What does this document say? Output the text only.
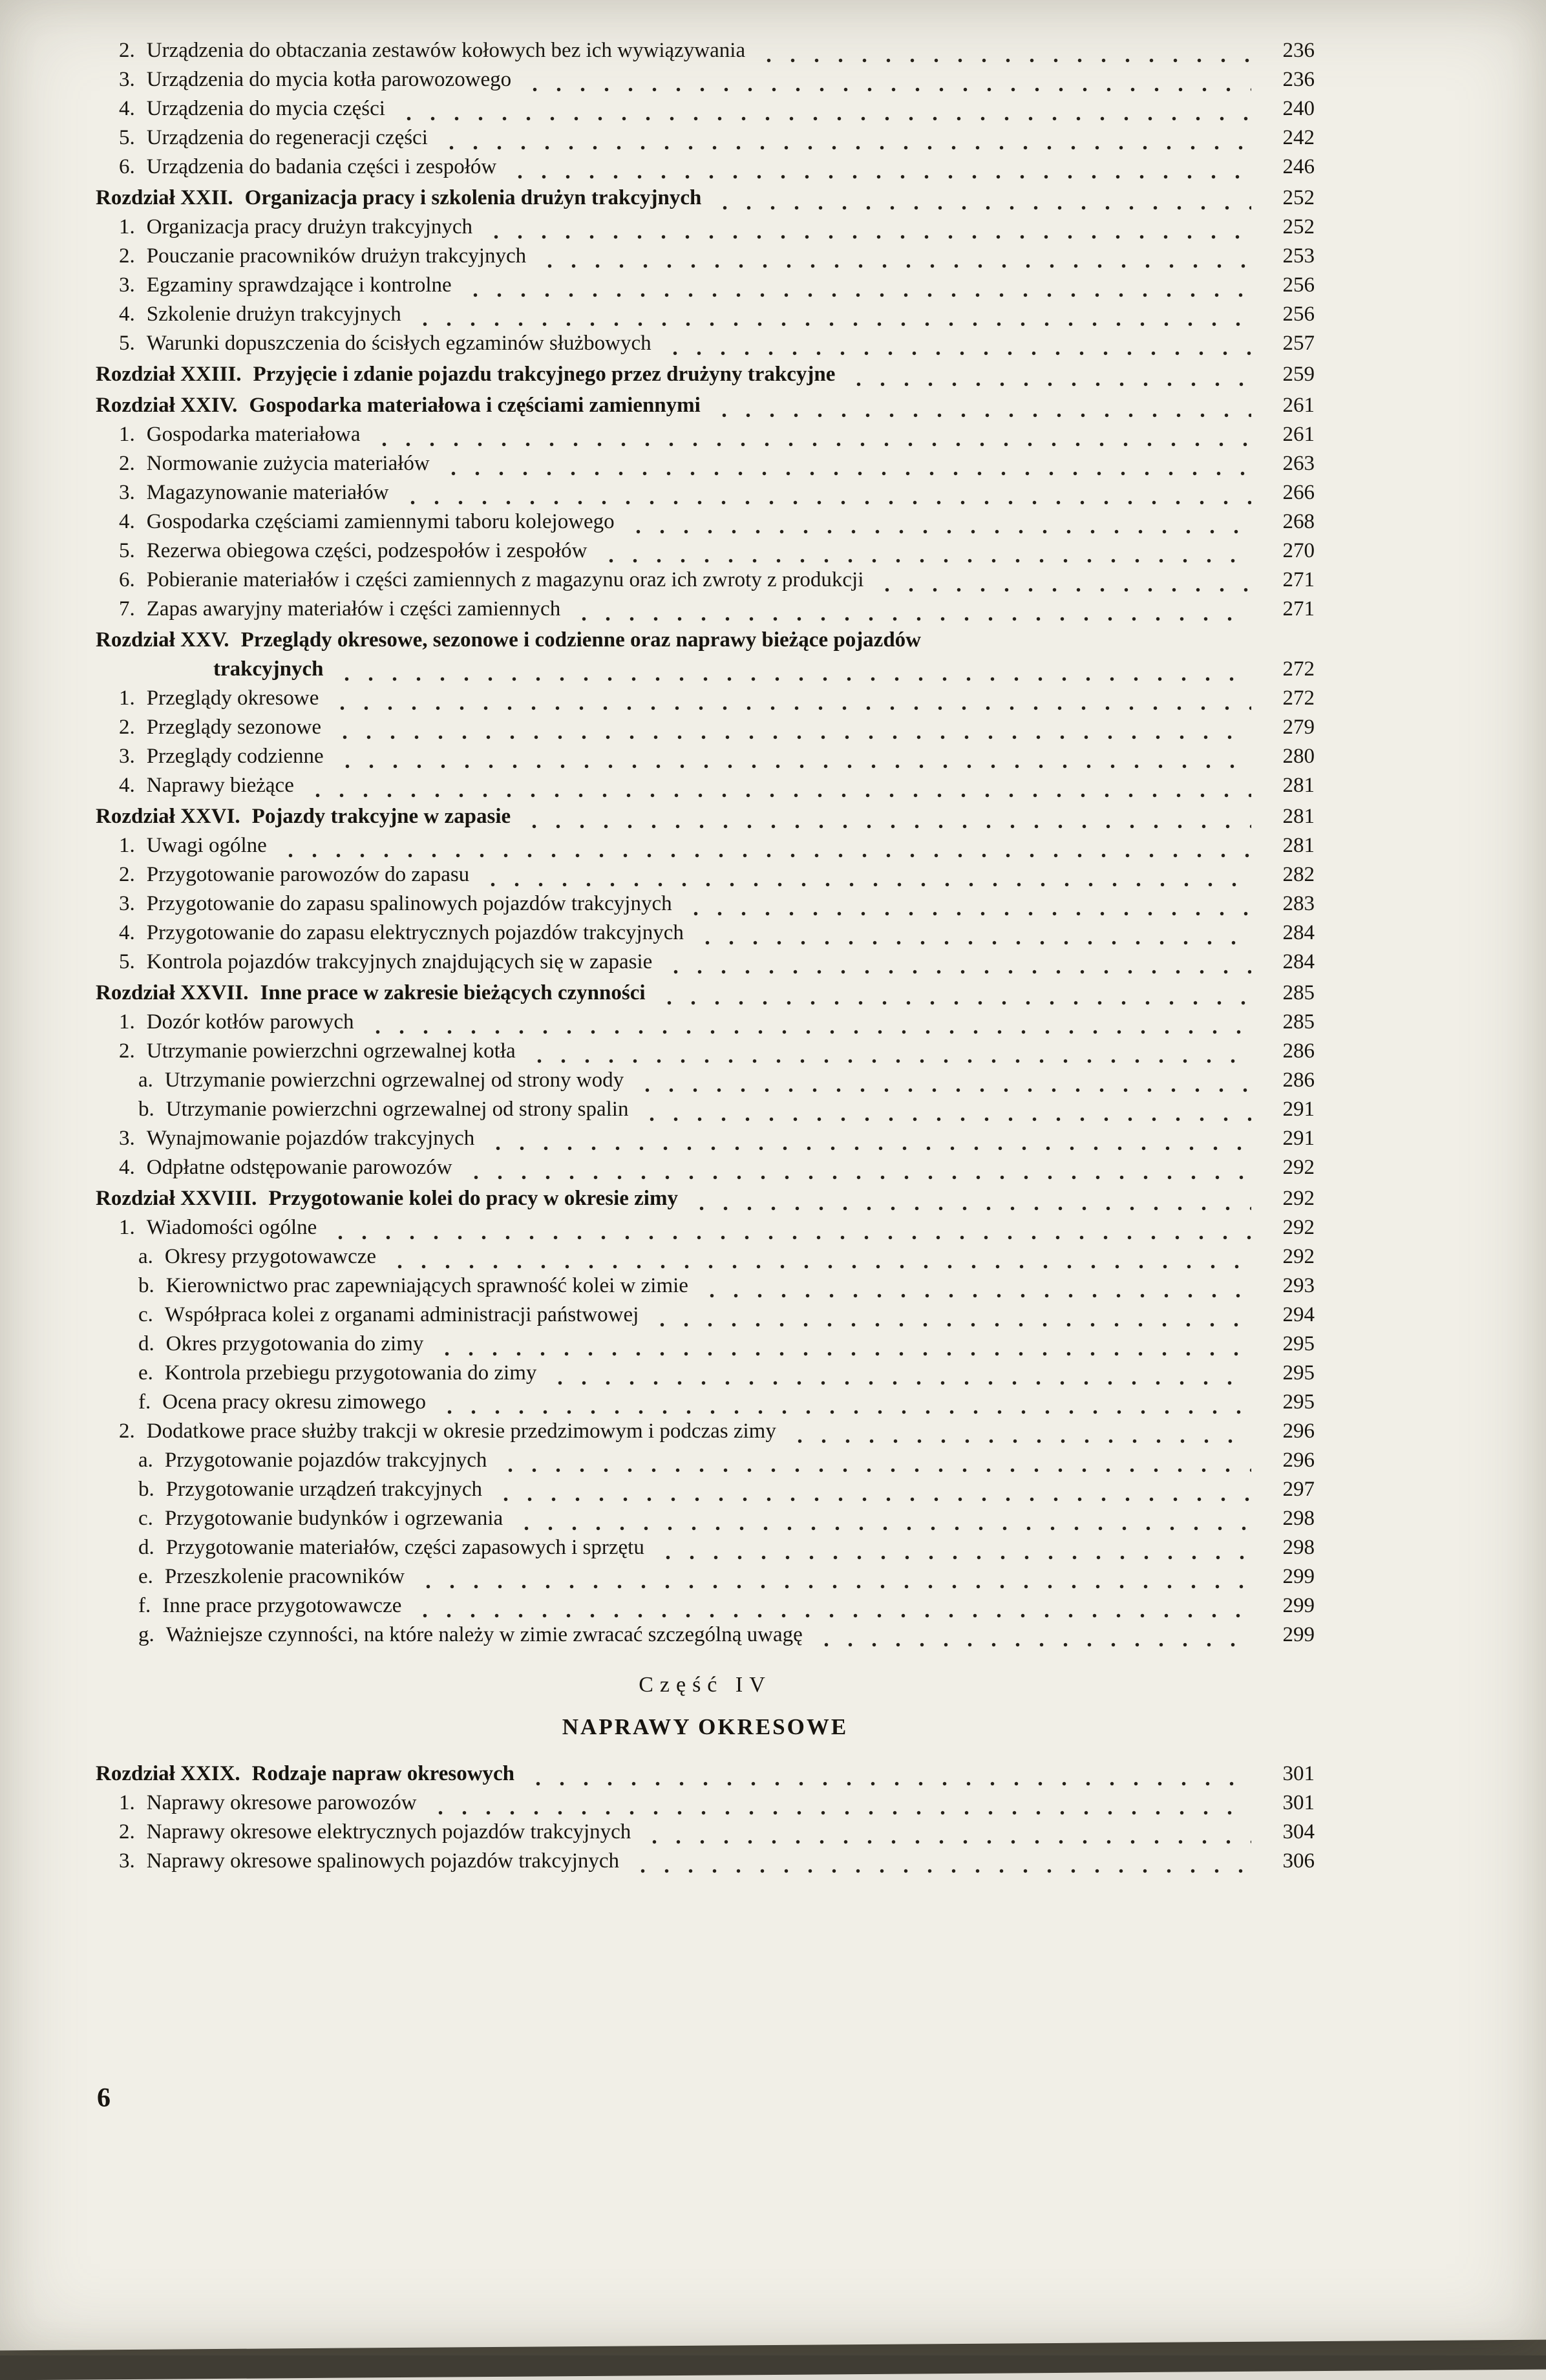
2. Urządzenia do obtaczania zestawów kołowych bez ich wywiązywania	236
3. Urządzenia do mycia kotła parowozowego	236
4. Urządzenia do mycia części	240
5. Urządzenia do regeneracji części	242
6. Urządzenia do badania części i zespołów	246
Rozdział XXII. Organizacja pracy i szkolenia drużyn trakcyjnych	252
1. Organizacja pracy drużyn trakcyjnych	252
2. Pouczanie pracowników drużyn trakcyjnych	253
3. Egzaminy sprawdzające i kontrolne	256
4. Szkolenie drużyn trakcyjnych	256
5. Warunki dopuszczenia do ścisłych egzaminów służbowych	257
Rozdział XXIII. Przyjęcie i zdanie pojazdu trakcyjnego przez drużyny trakcyjne	259
Rozdział XXIV. Gospodarka materiałowa i częściami zamiennymi	261
1. Gospodarka materiałowa	261
2. Normowanie zużycia materiałów	263
3. Magazynowanie materiałów	266
4. Gospodarka częściami zamiennymi taboru kolejowego	268
5. Rezerwa obiegowa części, podzespołów i zespołów	270
6. Pobieranie materiałów i części zamiennych z magazynu oraz ich zwroty z produkcji	271
7. Zapas awaryjny materiałów i części zamiennych	271
Rozdział XXV. Przeglądy okresowe, sezonowe i codzienne oraz naprawy bieżące pojazdów
trakcyjnych	272
1. Przeglądy okresowe	272
2. Przeglądy sezonowe	279
3. Przeglądy codzienne	280
4. Naprawy bieżące	281
Rozdział XXVI. Pojazdy trakcyjne w zapasie	281
1. Uwagi ogólne	281
2. Przygotowanie parowozów do zapasu	282
3. Przygotowanie do zapasu spalinowych pojazdów trakcyjnych	283
4. Przygotowanie do zapasu elektrycznych pojazdów trakcyjnych	284
5. Kontrola pojazdów trakcyjnych znajdujących się w zapasie	284
Rozdział XXVII. Inne prace w zakresie bieżących czynności	285
1. Dozór kotłów parowych	285
2. Utrzymanie powierzchni ogrzewalnej kotła	286
a. Utrzymanie powierzchni ogrzewalnej od strony wody	286
b. Utrzymanie powierzchni ogrzewalnej od strony spalin	291
3. Wynajmowanie pojazdów trakcyjnych	291
4. Odpłatne odstępowanie parowozów	292
Rozdział XXVIII. Przygotowanie kolei do pracy w okresie zimy	292
1. Wiadomości ogólne	292
a. Okresy przygotowawcze	292
b. Kierownictwo prac zapewniających sprawność kolei w zimie	293
c. Współpraca kolei z organami administracji państwowej	294
d. Okres przygotowania do zimy	295
e. Kontrola przebiegu przygotowania do zimy	295
f. Ocena pracy okresu zimowego	295
2. Dodatkowe prace służby trakcji w okresie przedzimowym i podczas zimy	296
a. Przygotowanie pojazdów trakcyjnych	296
b. Przygotowanie urządzeń trakcyjnych	297
c. Przygotowanie budynków i ogrzewania	298
d. Przygotowanie materiałów, części zapasowych i sprzętu	298
e. Przeszkolenie pracowników	299
f. Inne prace przygotowawcze	299
g. Ważniejsze czynności, na które należy w zimie zwracać szczególną uwagę	299
Część IV
NAPRAWY OKRESOWE
Rozdział XXIX. Rodzaje napraw okresowych	301
1. Naprawy okresowe parowozów	301
2. Naprawy okresowe elektrycznych pojazdów trakcyjnych	304
3. Naprawy okresowe spalinowych pojazdów trakcyjnych	306
6
